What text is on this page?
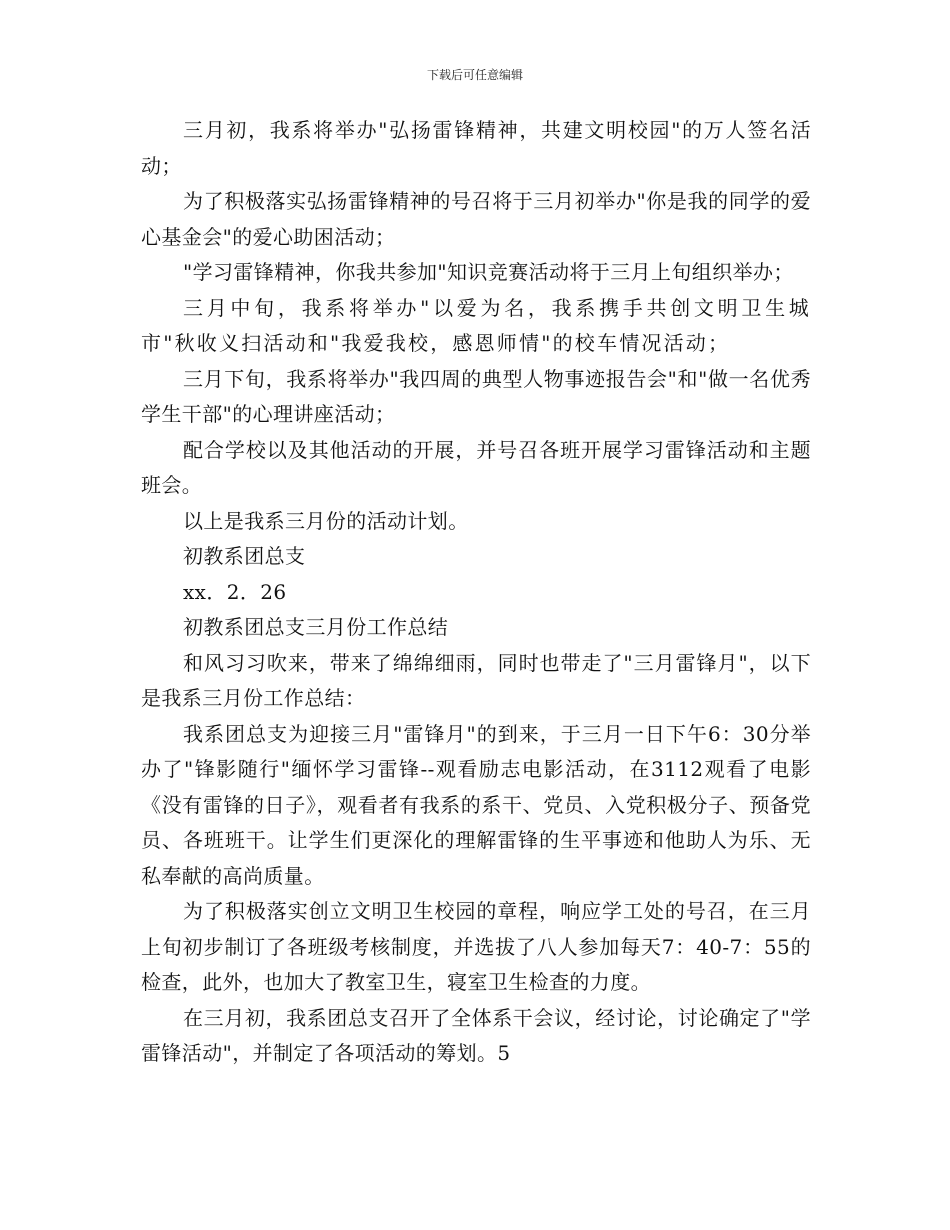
下载后可任意编辑

三月初，我系将举办"弘扬雷锋精神，共建文明校园"的万人签名活动；

为了积极落实弘扬雷锋精神的号召将于三月初举办"你是我的同学的爱心基金会"的爱心助困活动；

"学习雷锋精神，你我共参加"知识竞赛活动将于三月上旬组织举办；

三月中旬，我系将举办"以爱为名，我系携手共创文明卫生城市"秋收义扫活动和"我爱我校，感恩师情"的校车情况活动；

三月下旬，我系将举办"我四周的典型人物事迹报告会"和"做一名优秀学生干部"的心理讲座活动；

配合学校以及其他活动的开展，并号召各班开展学习雷锋活动和主题班会。

以上是我系三月份的活动计划。

初教系团总支

xx．2．26

初教系团总支三月份工作总结

和风习习吹来，带来了绵绵细雨，同时也带走了"三月雷锋月"，以下是我系三月份工作总结：

我系团总支为迎接三月"雷锋月"的到来，于三月一日下午6：30分举办了"锋影随行"缅怀学习雷锋--观看励志电影活动，在3112观看了电影《没有雷锋的日子》，观看者有我系的系干、党员、入党积极分子、预备党员、各班班干。让学生们更深化的理解雷锋的生平事迹和他助人为乐、无私奉献的高尚质量。

为了积极落实创立文明卫生校园的章程，响应学工处的号召，在三月上旬初步制订了各班级考核制度，并选拔了八人参加每天7：40-7：55的检查，此外，也加大了教室卫生，寝室卫生检查的力度。

在三月初，我系团总支召开了全体系干会议，经讨论，讨论确定了"学雷锋活动"，并制定了各项活动的筹划。5
